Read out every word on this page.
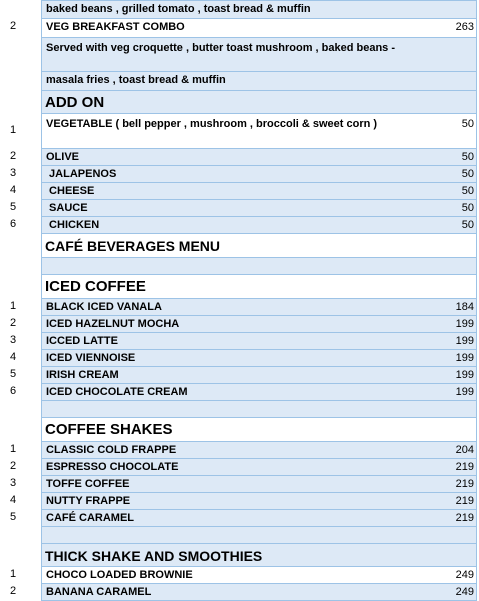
baked beans , grilled tomato , toast bread & muffin
2	VEG BREAKFAST COMBO	263
Served with veg croquette , butter toast mushroom , baked beans -
masala fries , toast bread & muffin
ADD ON
1	VEGETABLE ( bell pepper , mushroom , broccoli & sweet corn )	50
2	OLIVE	50
3	JALAPENOS	50
4	CHEESE	50
5	SAUCE	50
6	CHICKEN	50
CAFÉ BEVERAGES MENU
ICED COFFEE
1	BLACK ICED VANALA	184
2	ICED HAZELNUT MOCHA	199
3	ICCED LATTE	199
4	ICED VIENNOISE	199
5	IRISH CREAM	199
6	ICED CHOCOLATE CREAM	199
COFFEE SHAKES
1	CLASSIC COLD FRAPPE	204
2	ESPRESSO CHOCOLATE	219
3	TOFFE COFFEE	219
4	NUTTY FRAPPE	219
5	CAFÉ CARAMEL	219
THICK SHAKE AND SMOOTHIES
1	CHOCO LOADED BROWNIE	249
2	BANANA CARAMEL	249
